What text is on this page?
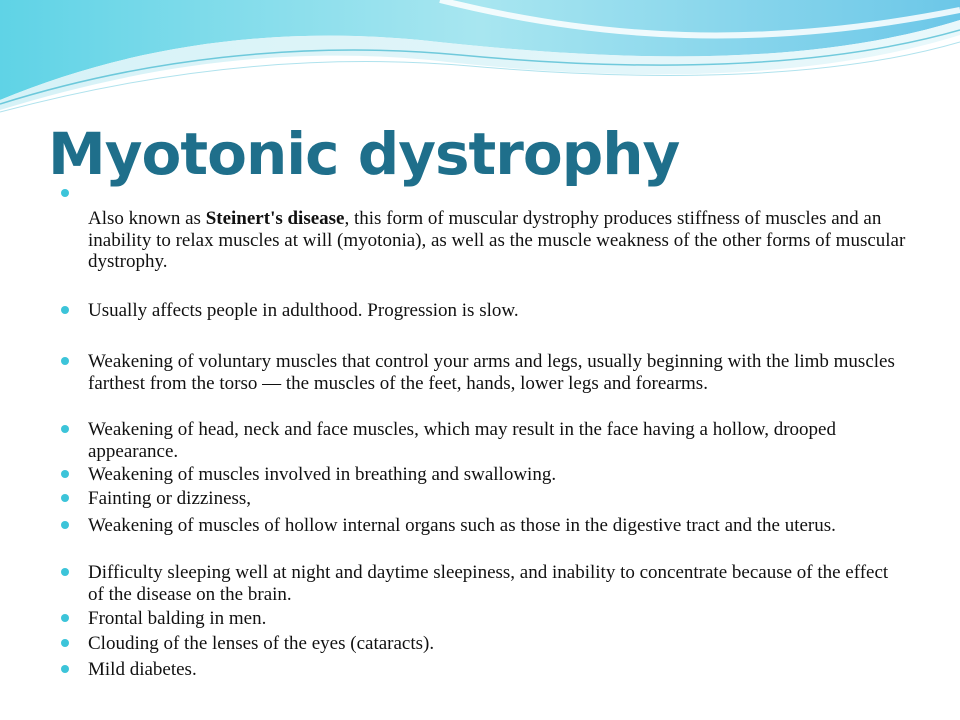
Myotonic dystrophy
Also known as Steinert's disease, this form of muscular dystrophy produces stiffness of muscles and an inability to relax muscles at will (myotonia), as well as the muscle weakness of the other forms of muscular dystrophy.
Usually affects people in adulthood. Progression is slow.
Weakening of voluntary muscles that control your arms and legs, usually beginning with the limb muscles farthest from the torso — the muscles of the feet, hands, lower legs and forearms.
Weakening of head, neck and face muscles, which may result in the face having a hollow, drooped appearance.
Weakening of muscles involved in breathing and swallowing.
Fainting or dizziness,
Weakening of muscles of hollow internal organs such as those in the digestive tract and the uterus.
Difficulty sleeping well at night and daytime sleepiness, and inability to concentrate because of the effect of the disease on the brain.
Frontal balding in men.
Clouding of the lenses of the eyes (cataracts).
Mild diabetes.
